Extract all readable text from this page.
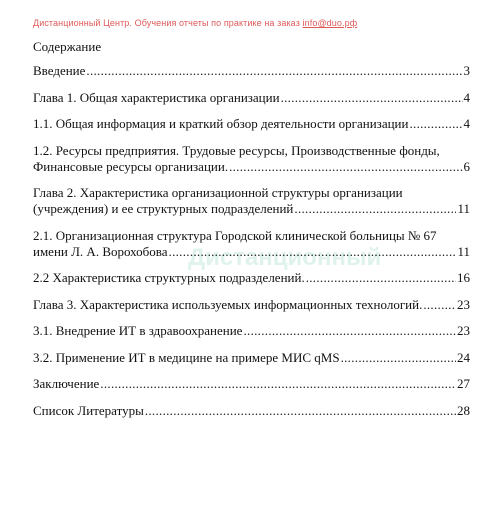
Дистанционный Центр. Обучения отчеты по практике на заказ info@duo.рф
Дистанционный
Содержание
Введение .....	3
Глава 1. Общая характеристика организации .....	4
1.1. Общая информация и краткий обзор деятельности организации .....	4
1.2. Ресурсы предприятия. Трудовые ресурсы, Производственные фонды,
Финансовые ресурсы организации. .....	6
Глава 2. Характеристика организационной структуры организации
(учреждения) и ее структурных подразделений .....	11
2.1. Организационная структура Городской клинической больницы № 67
имени Л. А. Ворохобова .....	11
2.2 Характеристика структурных подразделений. .....	16
Глава 3. Характеристика используемых информационных технологий. .....	23
3.1. Внедрение ИТ в здравоохранение .....	23
3.2. Применение ИТ в медицине на примере МИС qMS .....	24
Заключение .....	27
Список Литературы .....	28
